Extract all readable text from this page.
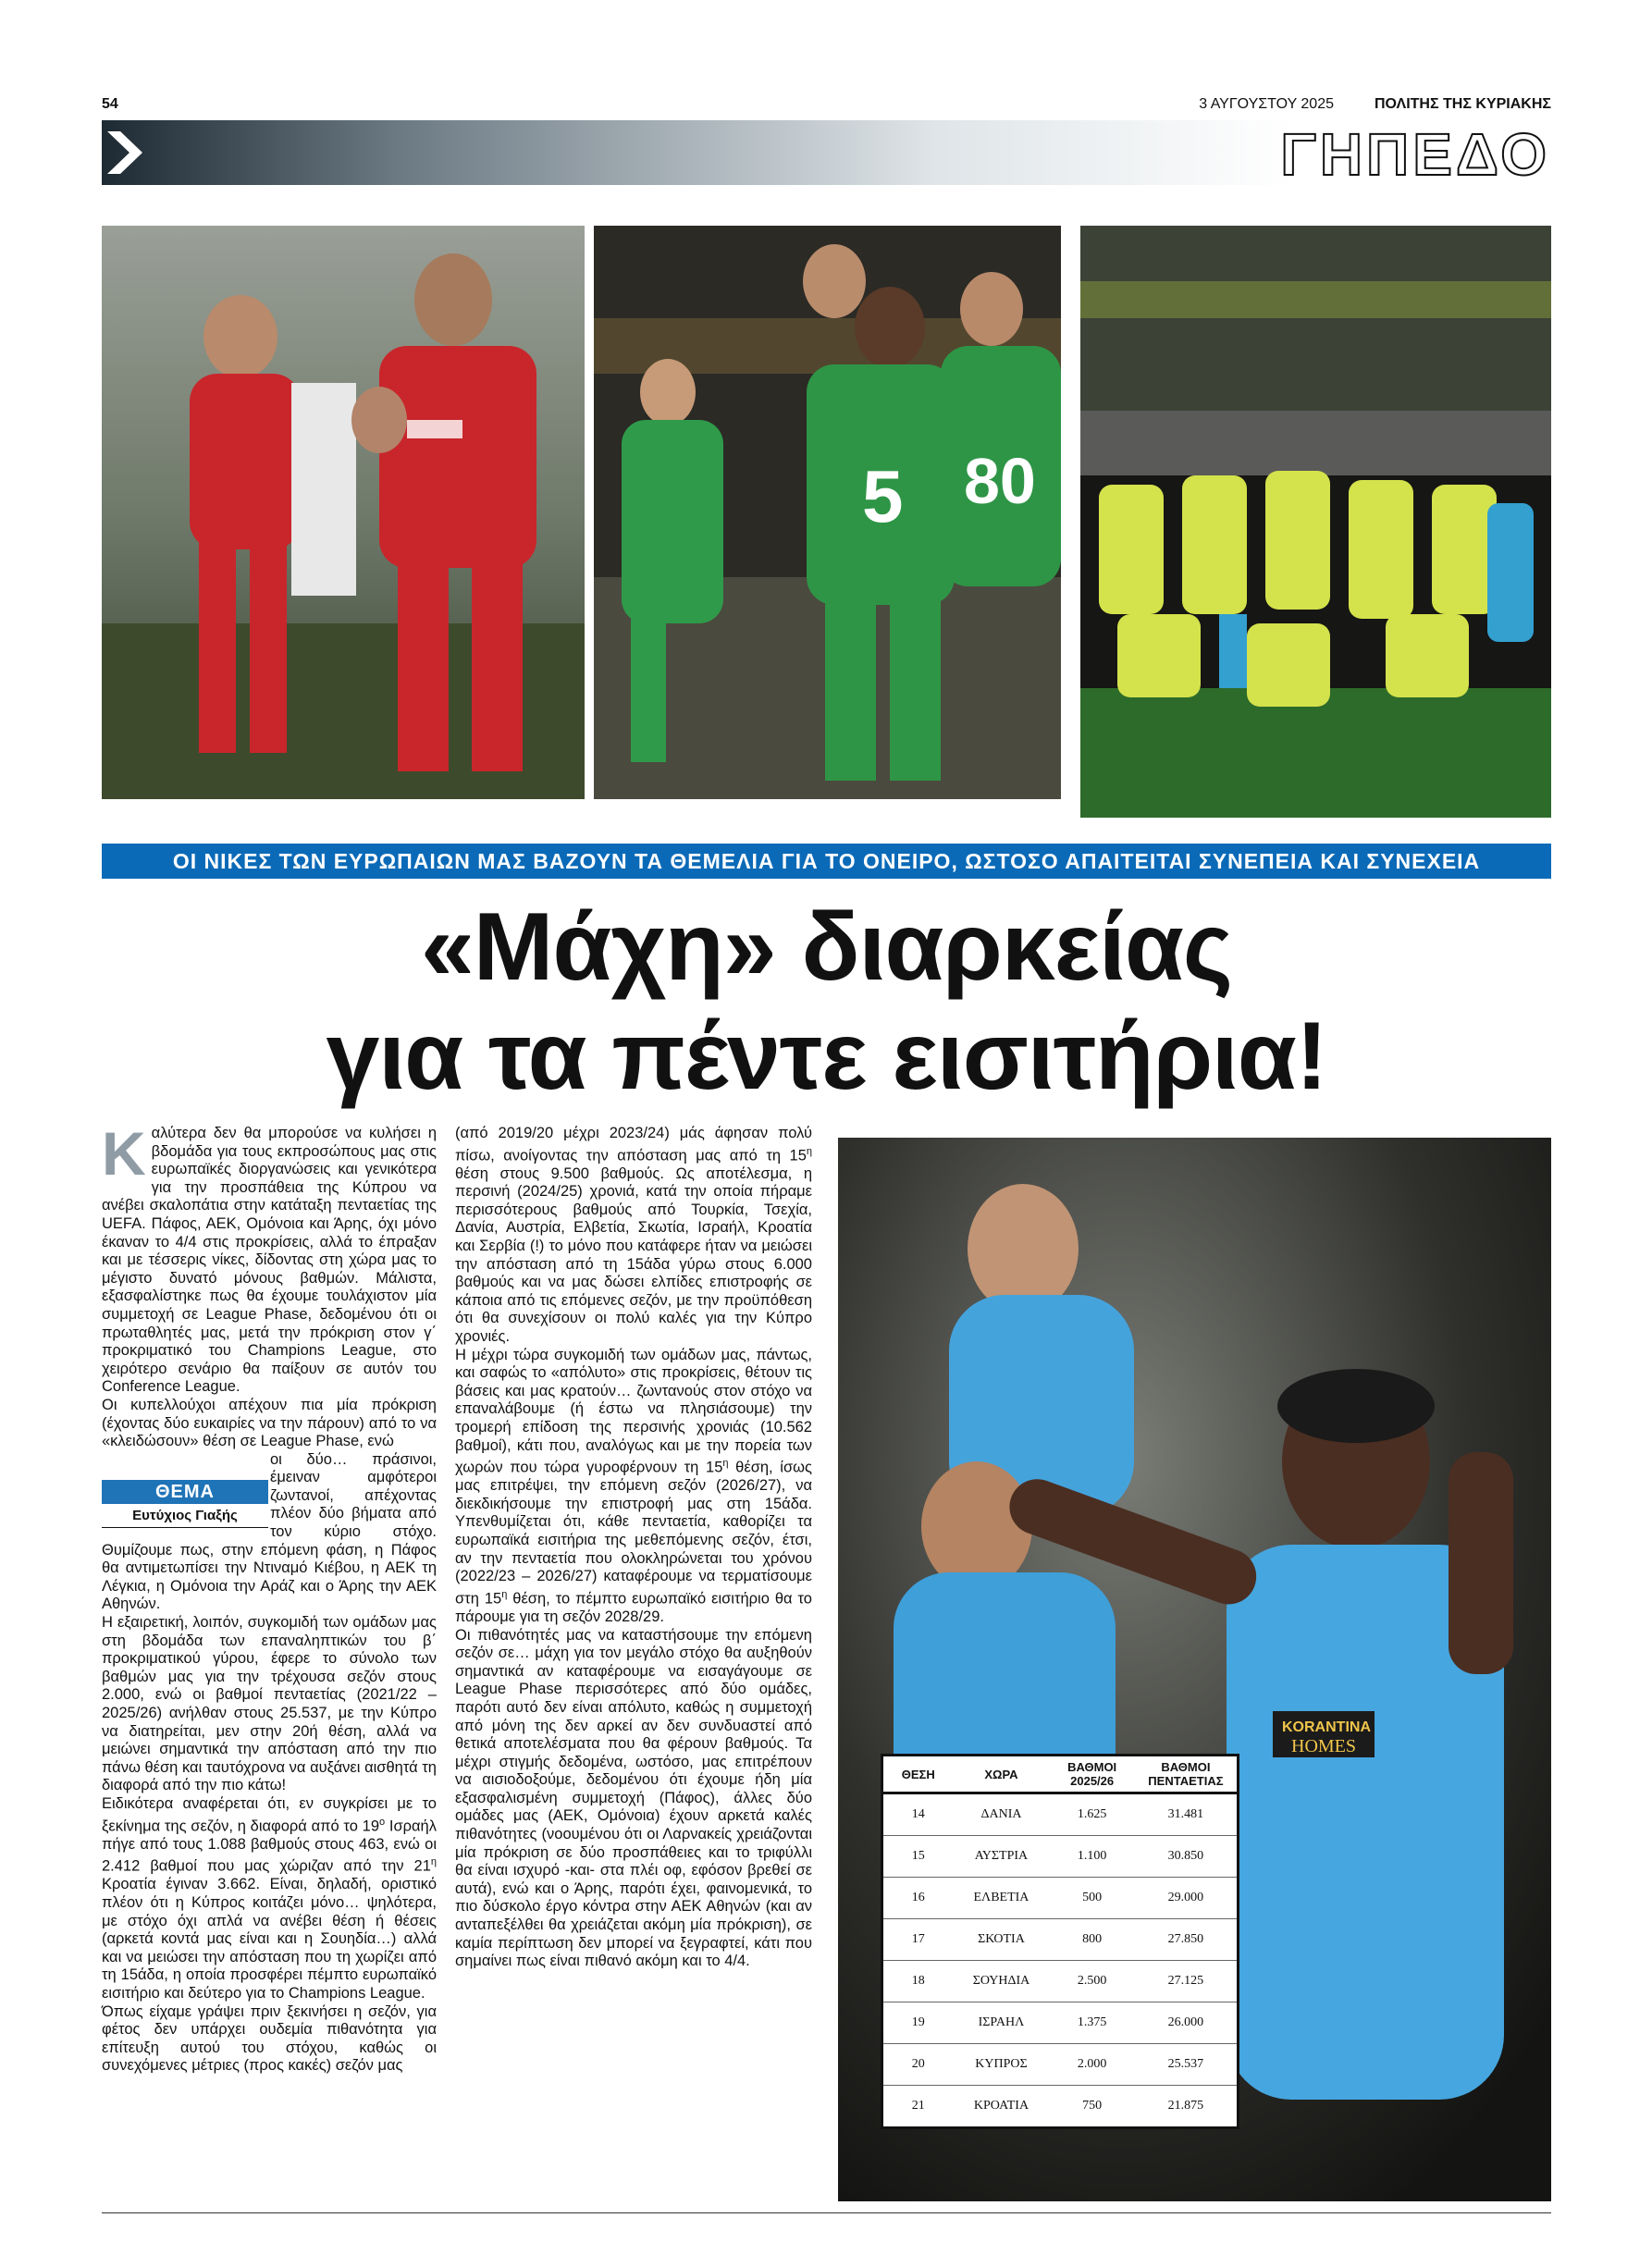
54	3 ΑΥΓΟΥΣΤΟΥ 2025	ΠΟΛΙΤΗΣ ΤΗΣ ΚΥΡΙΑΚΗΣ
ΓΗΠΕΔΟ
5 80
ΟΙ ΝΙΚΕΣ ΤΩΝ ΕΥΡΩΠΑΙΩΝ ΜΑΣ ΒΑΖΟΥΝ ΤΑ ΘΕΜΕΛΙΑ ΓΙΑ ΤΟ ΟΝΕΙΡΟ, ΩΣΤΟΣΟ ΑΠΑΙΤΕΙΤΑΙ ΣΥΝΕΠΕΙΑ ΚΑΙ ΣΥΝΕΧΕΙΑ
«Μάχη» διαρκείας
για τα πέντε εισιτήρια!

Καλύτερα δεν θα μπορούσε να κυλήσει η βδομάδα για τους εκπροσώπους μας στις ευρωπαϊκές διοργανώσεις και γενικότερα για την προσπάθεια της Κύπρου να ανέβει σκαλοπάτια στην κατάταξη πενταετίας της UEFA. Πάφος, ΑΕΚ, Ομόνοια και Άρης, όχι μόνο έκαναν το 4/4 στις προκρίσεις, αλλά το έπραξαν και με τέσσερις νίκες, δίδοντας στη χώρα μας το μέγιστο δυνατό μόνους βαθμών. Μάλιστα, εξασφαλίστηκε πως θα έχουμε τουλάχιστον μία συμμετοχή σε League Phase, δεδομένου ότι οι πρωταθλητές μας, μετά την πρόκριση στον γ΄ προκριματικό του Champions League, στο χειρότερο σενάριο θα παίξουν σε αυτόν του Conference League.

Οι κυπελλούχοι απέχουν πια μία πρόκριση (έχοντας δύο ευκαιρίες να την πάρουν) από το να «κλειδώσουν» θέση σε League Phase, ενώ

οι δύο… πράσινοι, έμειναν αμφότεροι ζωντανοί, απέχοντας πλέον δύο βήματα από τον κύριο στόχο. Θυμίζουμε πως, στην επόμενη φάση, η Πάφος θα αντιμετωπίσει την Ντιναμό Κιέβου, η ΑΕΚ τη Λέγκια, η Ομόνοια την Αράζ και ο Άρης την ΑΕΚ Αθηνών.

Η εξαιρετική, λοιπόν, συγκομιδή των ομάδων μας στη βδομάδα των επαναληπτικών του β΄ προκριματικού γύρου, έφερε το σύνολο των βαθμών μας για την τρέχουσα σεζόν στους 2.000, ενώ οι βαθμοί πενταετίας (2021/22 – 2025/26) ανήλθαν στους 25.537, με την Κύπρο να διατηρείται, μεν στην 20ή θέση, αλλά να μειώνει σημαντικά την απόσταση από την πιο πάνω θέση και ταυτόχρονα να αυξάνει αισθητά τη διαφορά από την πιο κάτω!

Ειδικότερα αναφέρεται ότι, εν συγκρίσει με το ξεκίνημα της σεζόν, η διαφορά από το $19^o$ Ισραήλ πήγε από τους 1.088 βαθμούς στους 463, ενώ οι 2.412 βαθμοί που μας χώριζαν από την $21^\eta$ Κροατία έγιναν 3.662. Είναι, δηλαδή, οριστικό πλέον ότι η Κύπρος κοιτάζει μόνο… ψηλότερα, με στόχο όχι απλά να ανέβει θέση ή θέσεις (αρκετά κοντά μας είναι και η Σουηδία…) αλλά και να μειώσει την απόσταση που τη χωρίζει από τη 15άδα, η οποία προσφέρει πέμπτο ευρωπαϊκό εισιτήριο και δεύτερο για το Champions League.

Όπως είχαμε γράψει πριν ξεκινήσει η σεζόν, για φέτος δεν υπάρχει ουδεμία πιθανότητα για επίτευξη αυτού του στόχου, καθώς οι συνεχόμενες μέτριες (προς κακές) σεζόν μας

ΘΕΜΑ
Ευτύχιος Γιαξής

(από 2019/20 μέχρι 2023/24) μάς άφησαν πολύ πίσω, ανοίγοντας την απόσταση μας από τη $15^\eta$ θέση στους 9.500 βαθμούς. Ως αποτέλεσμα, η περσινή (2024/25) χρονιά, κατά την οποία πήραμε περισσότερους βαθμούς από Τουρκία, Τσεχία, Δανία, Αυστρία, Ελβετία, Σκωτία, Ισραήλ, Κροατία και Σερβία (!) το μόνο που κατάφερε ήταν να μειώσει την απόσταση από τη 15άδα γύρω στους 6.000 βαθμούς και να μας δώσει ελπίδες επιστροφής σε κάποια από τις επόμενες σεζόν, με την προϋπόθεση ότι θα συνεχίσουν οι πολύ καλές για την Κύπρο χρονιές.

Η μέχρι τώρα συγκομιδή των ομάδων μας, πάντως, και σαφώς το «απόλυτο» στις προκρίσεις, θέτουν τις βάσεις και μας κρατούν… ζωντανούς στον στόχο να επαναλάβουμε (ή έστω να πλησιάσουμε) την τρομερή επίδοση της περσινής χρονιάς (10.562 βαθμοί), κάτι που, αναλόγως και με την πορεία των χωρών που τώρα γυροφέρνουν τη $15^\eta$ θέση, ίσως μας επιτρέψει, την επόμενη σεζόν (2026/27), να διεκδικήσουμε την επιστροφή μας στη 15άδα. Υπενθυμίζεται ότι, κάθε πενταετία, καθορίζει τα ευρωπαϊκά εισιτήρια της μεθεπόμενης σεζόν, έτσι, αν την πενταετία που ολοκληρώνεται του χρόνου (2022/23 – 2026/27) καταφέρουμε να τερματίσουμε στη $15^\eta$ θέση, το πέμπτο ευρωπαϊκό εισιτήριο θα το πάρουμε για τη σεζόν 2028/29.

Οι πιθανότητές μας να καταστήσουμε την επόμενη σεζόν σε… μάχη για τον μεγάλο στόχο θα αυξηθούν σημαντικά αν καταφέρουμε να εισαγάγουμε σε League Phase περισσότερες από δύο ομάδες, παρότι αυτό δεν είναι απόλυτο, καθώς η συμμετοχή από μόνη της δεν αρκεί αν δεν συνδυαστεί από θετικά αποτελέσματα που θα φέρουν βαθμούς. Τα μέχρι στιγμής δεδομένα, ωστόσο, μας επιτρέπουν να αισιοδοξούμε, δεδομένου ότι έχουμε ήδη μία εξασφαλισμένη συμμετοχή (Πάφος), άλλες δύο ομάδες μας (ΑΕΚ, Ομόνοια) έχουν αρκετά καλές πιθανότητες (νοουμένου ότι οι Λαρνακείς χρειάζονται μία πρόκριση σε δύο προσπάθειες και το τριφύλλι θα είναι ισχυρό -και- στα πλέι οφ, εφόσον βρεθεί σε αυτά), ενώ και ο Άρης, παρότι έχει, φαινομενικά, το πιο δύσκολο έργο κόντρα στην ΑΕΚ Αθηνών (και αν ανταπεξέλθει θα χρειάζεται ακόμη μία πρόκριση), σε καμία περίπτωση δεν μπορεί να ξεγραφτεί, κάτι που σημαίνει πως είναι πιθανό ακόμη και το 4/4.

KORANTINA
HOMES
ΘΕΣΗ	ΧΩΡΑ	ΒΑΘΜΟΙ 2025/26	ΒΑΘΜΟΙ ΠΕΝΤΑΕΤΙΑΣ
14	ΔΑΝΙΑ	1.625	31.481
15	ΑΥΣΤΡΙΑ	1.100	30.850
16	ΕΛΒΕΤΙΑ	500	29.000
17	ΣΚΟΤΙΑ	800	27.850
18	ΣΟΥΗΔΙΑ	2.500	27.125
19	ΙΣΡΑΗΛ	1.375	26.000
20	ΚΥΠΡΟΣ	2.000	25.537
21	ΚΡΟΑΤΙΑ	750	21.875
